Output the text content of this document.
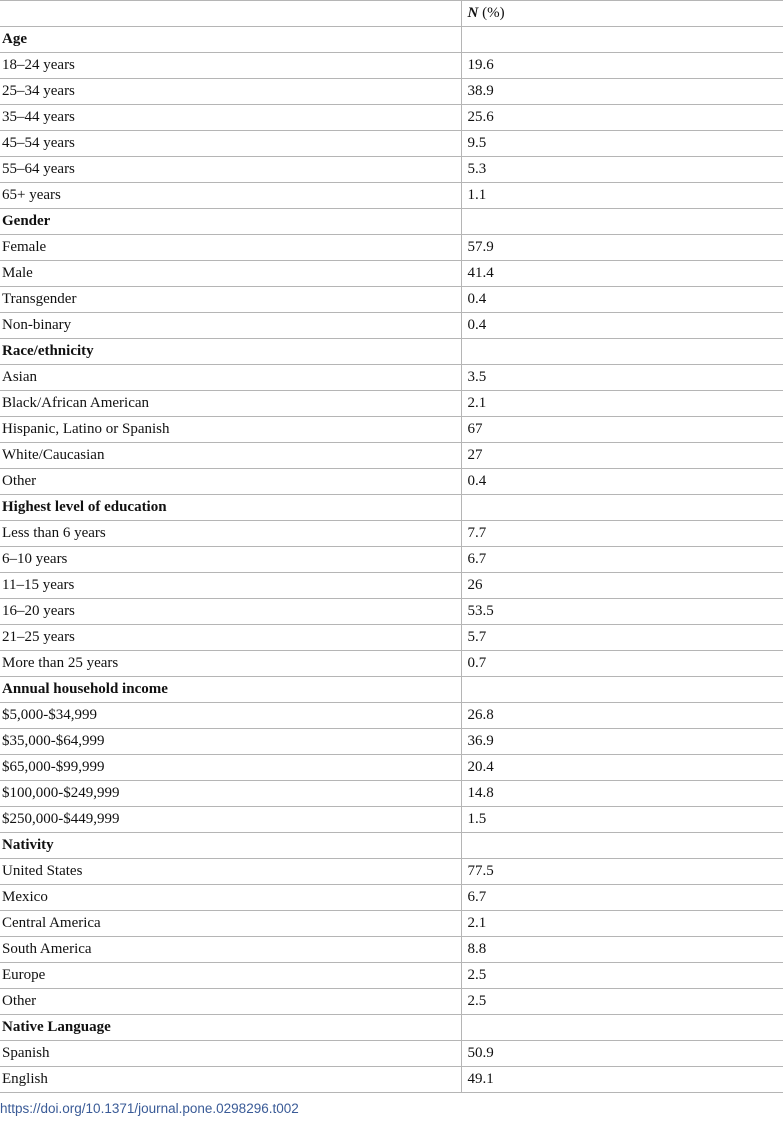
	N (%)
Age	
18–24 years	19.6
25–34 years	38.9
35–44 years	25.6
45–54 years	9.5
55–64 years	5.3
65+ years	1.1
Gender	
Female	57.9
Male	41.4
Transgender	0.4
Non-binary	0.4
Race/ethnicity	
Asian	3.5
Black/African American	2.1
Hispanic, Latino or Spanish	67
White/Caucasian	27
Other	0.4
Highest level of education	
Less than 6 years	7.7
6–10 years	6.7
11–15 years	26
16–20 years	53.5
21–25 years	5.7
More than 25 years	0.7
Annual household income	
$5,000-$34,999	26.8
$35,000-$64,999	36.9
$65,000-$99,999	20.4
$100,000-$249,999	14.8
$250,000-$449,999	1.5
Nativity	
United States	77.5
Mexico	6.7
Central America	2.1
South America	8.8
Europe	2.5
Other	2.5
Native Language	
Spanish	50.9
English	49.1
https://doi.org/10.1371/journal.pone.0298296.t002
